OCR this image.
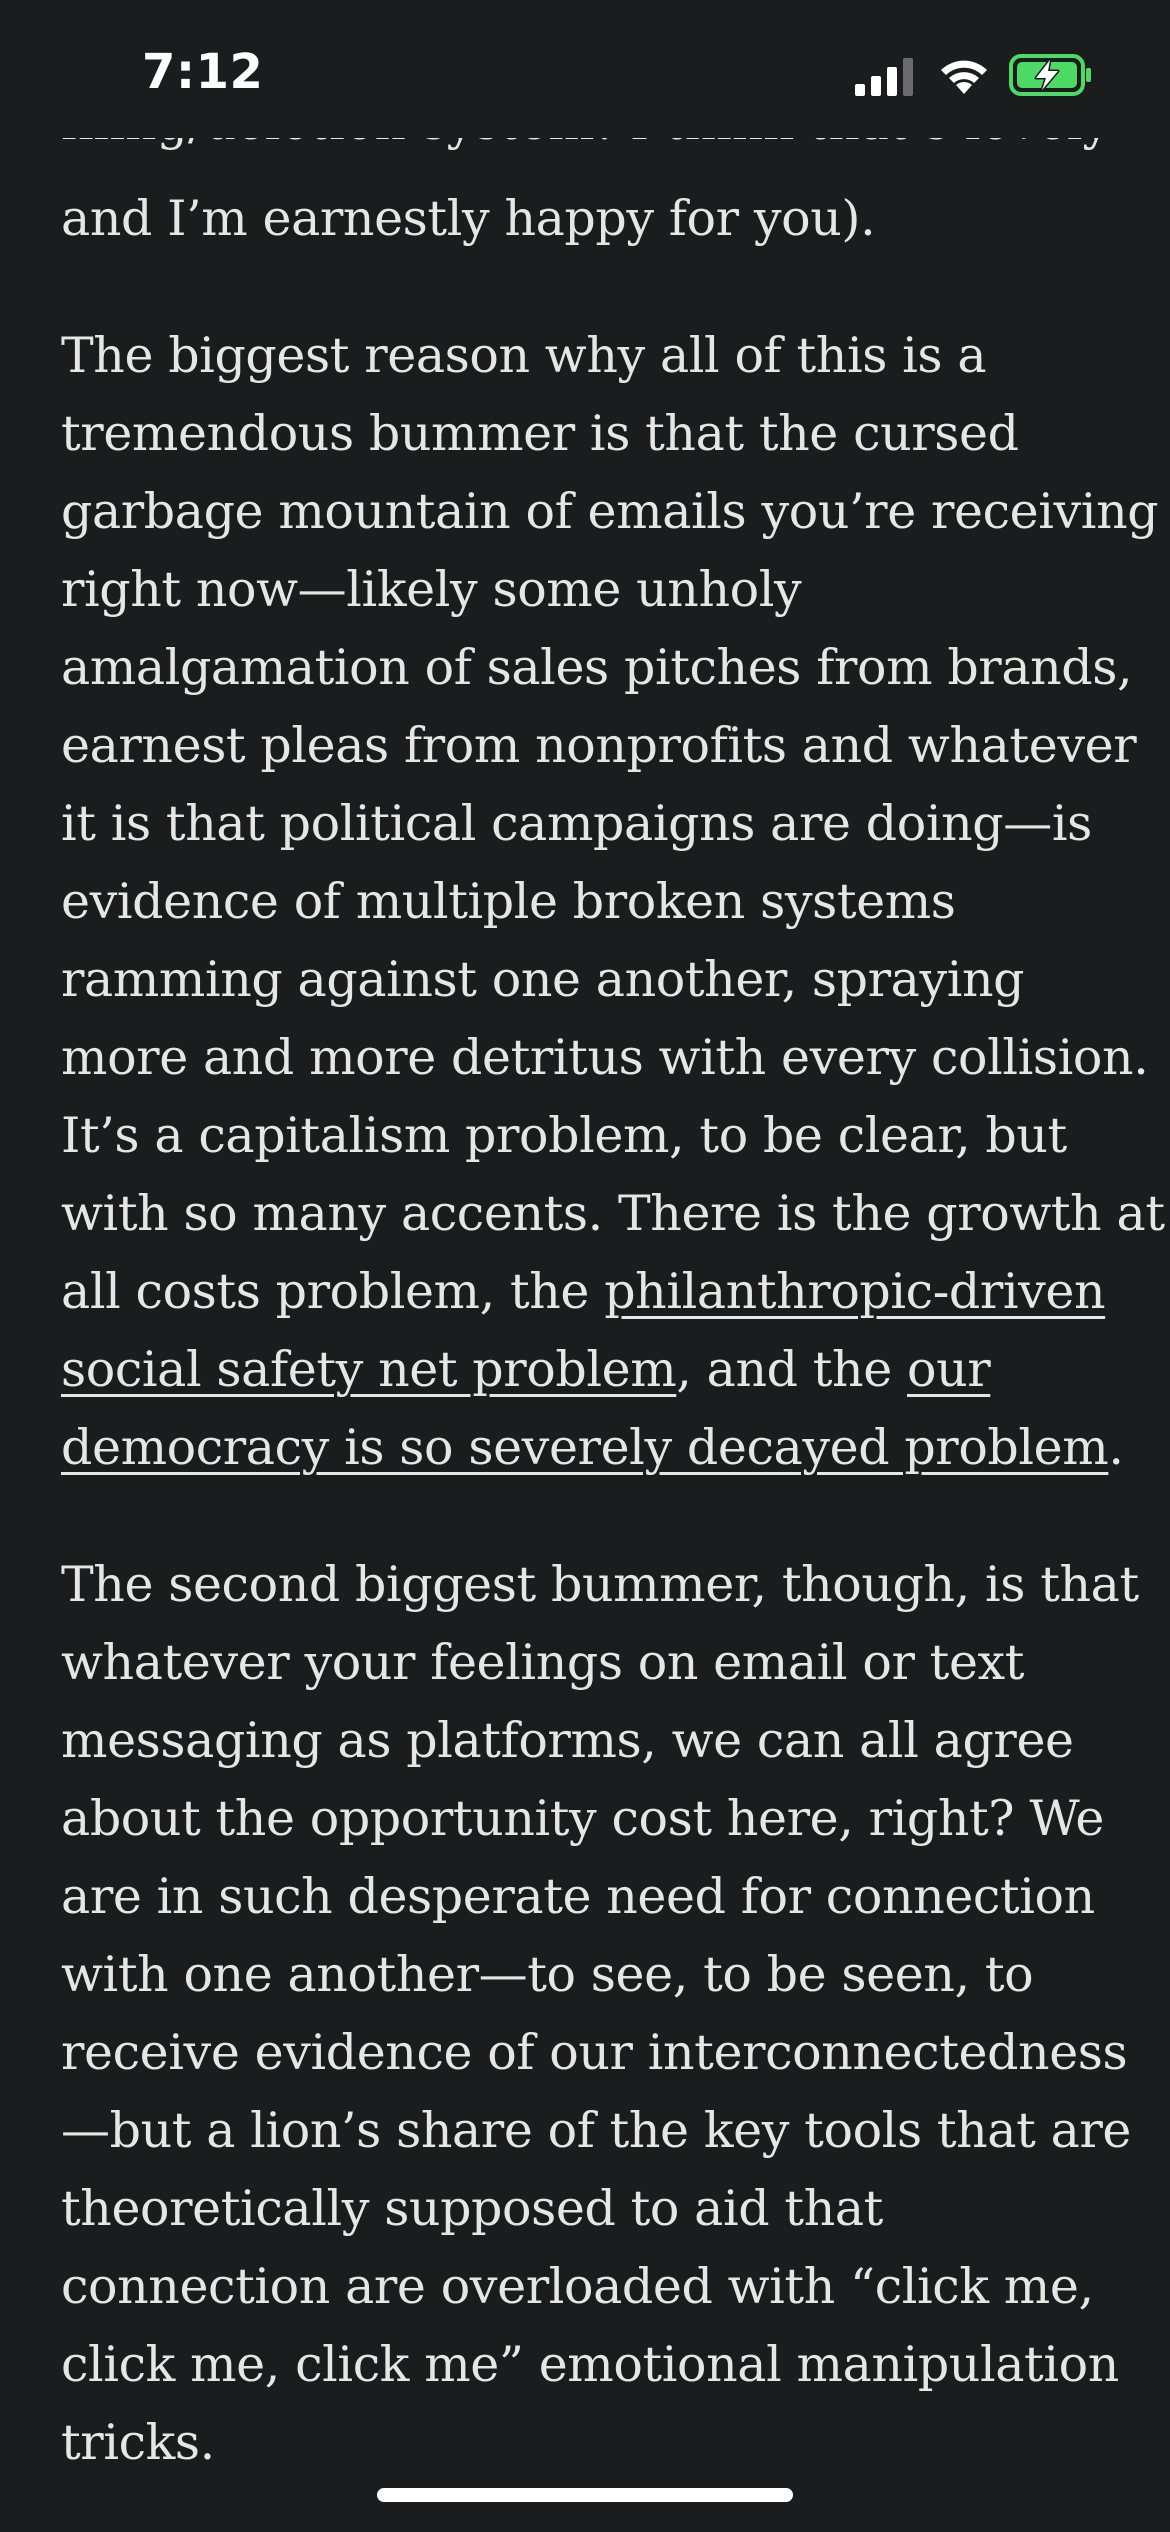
7:12
and I’m earnestly happy for you).
The biggest reason why all of this is a
tremendous bummer is that the cursed
garbage mountain of emails you’re receiving
right now—likely some unholy
amalgamation of sales pitches from brands,
earnest pleas from nonprofits and whatever
it is that political campaigns are doing—is
evidence of multiple broken systems
ramming against one another, spraying
more and more detritus with every collision.
It’s a capitalism problem, to be clear, but
with so many accents. There is the growth at
all costs problem, the philanthropic-driven
social safety net problem, and the our
democracy is so severely decayed problem.
The second biggest bummer, though, is that
whatever your feelings on email or text
messaging as platforms, we can all agree
about the opportunity cost here, right? We
are in such desperate need for connection
with one another—to see, to be seen, to
receive evidence of our interconnectedness
—but a lion’s share of the key tools that are
theoretically supposed to aid that
connection are overloaded with “click me,
click me, click me” emotional manipulation
tricks.
